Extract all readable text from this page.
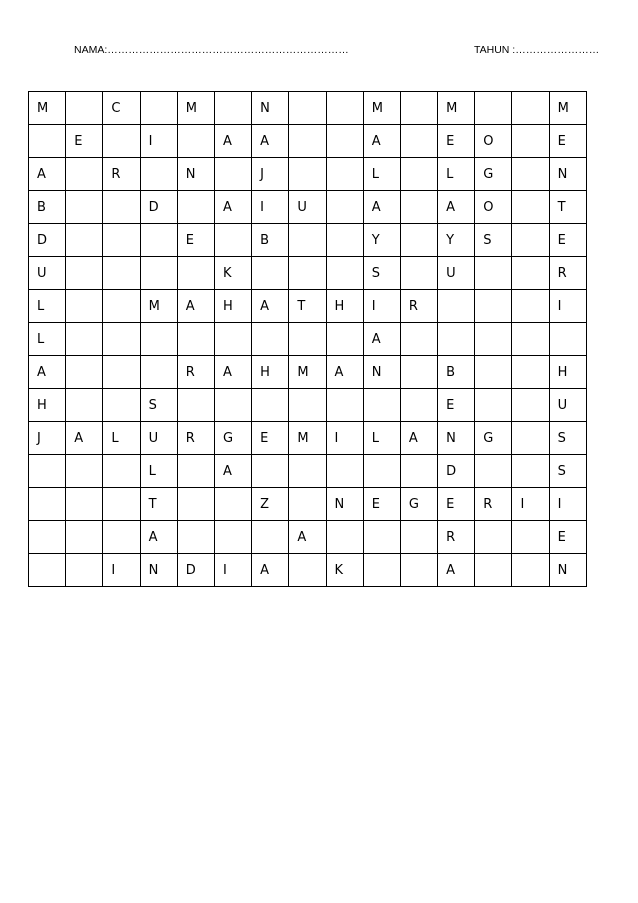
NAMA:……………………………………………………………	TAHUN :……………………
M		C		M		N			M		M			M
	E		I		A	A			A		E	O		E
A		R		N		J			L		L	G		N
B			D		A	I	U		A		A	O		T
D				E		B			Y		Y	S		E
U					K				S		U			R
L			M	A	H	A	T	H	I	R				I
L									A					
A				R	A	H	M	A	N		B			H
H			S								E			U
J	A	L	U	R	G	E	M	I	L	A	N	G		S
			L		A						D			S
			T			Z		N	E	G	E	R	I	I
			A				A				R			E
		I	N	D	I	A		K			A			N
